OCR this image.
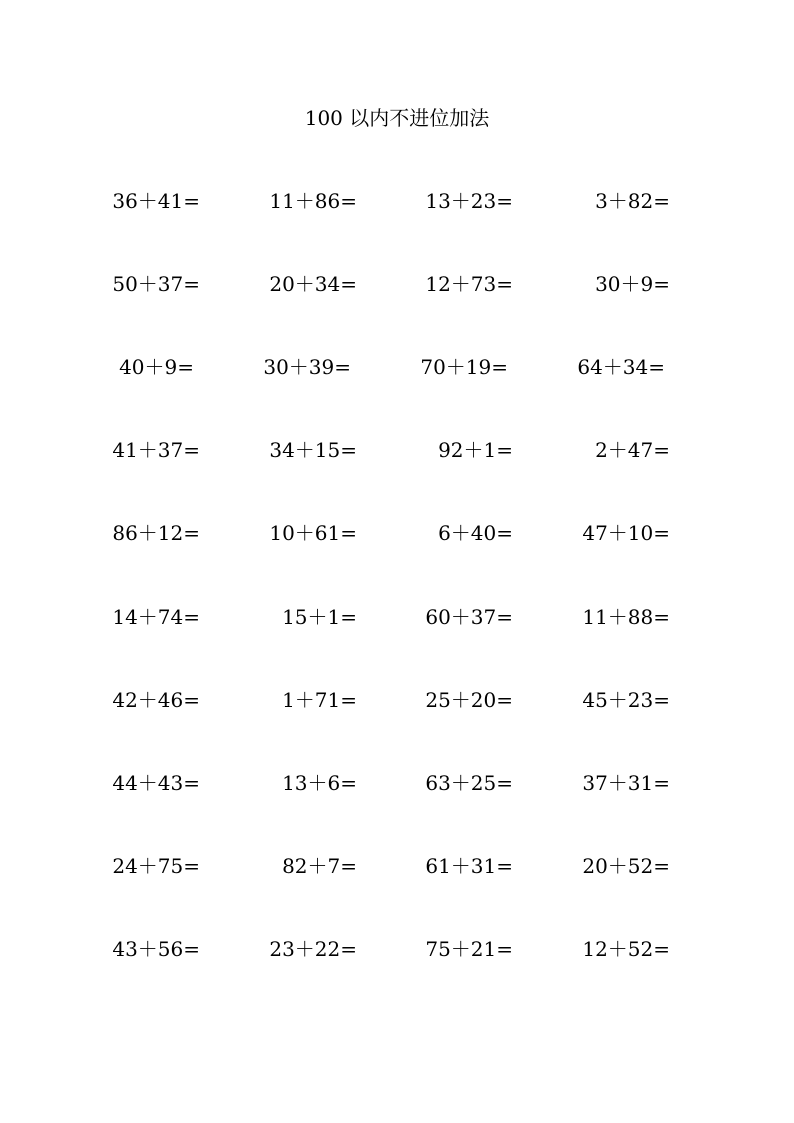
100 以内不进位加法
36＋41=	11＋86=	13＋23=	3＋82=
50＋37=	20＋34=	12＋73=	30＋9=
40＋9=	30＋39=	70＋19=	64＋34=
41＋37=	34＋15=	92＋1=	2＋47=
86＋12=	10＋61=	6＋40=	47＋10=
14＋74=	15＋1=	60＋37=	11＋88=
42＋46=	1＋71=	25＋20=	45＋23=
44＋43=	13＋6=	63＋25=	37＋31=
24＋75=	82＋7=	61＋31=	20＋52=
43＋56=	23＋22=	75＋21=	12＋52=
